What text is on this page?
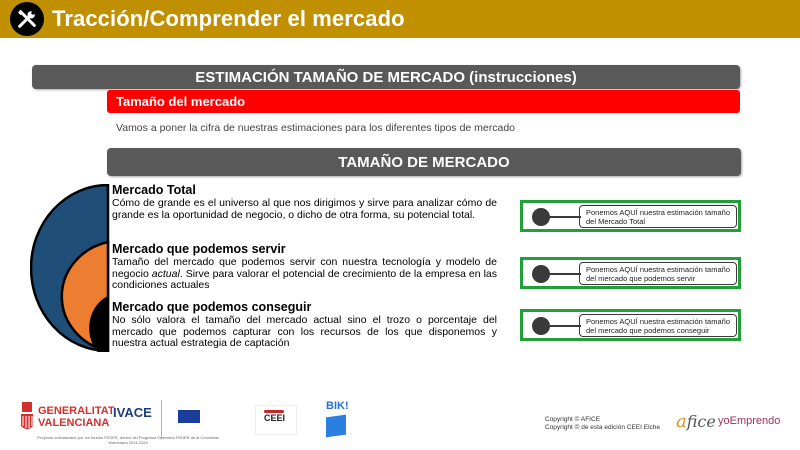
Tracción/Comprender el mercado
ESTIMACIÓN TAMAÑO DE MERCADO (instrucciones)
Tamaño del mercado
Vamos a poner la cifra de nuestras estimaciones para los diferentes tipos de mercado
TAMAÑO DE MERCADO
Mercado Total
Cómo de grande es el universo al que nos dirigimos y sirve para analizar cómo de grande es la oportunidad de negocio, o dicho de otra forma, su potencial total.
Mercado que podemos servir
Tamaño del mercado que podemos servir con nuestra tecnología y modelo de negocio actual. Sirve para valorar el potencial de crecimiento de la empresa en las condiciones actuales
Mercado que podemos conseguir
No sólo valora el tamaño del mercado actual sino el trozo o porcentaje del mercado que podemos capturar con los recursos de los que disponemos y nuestra actual estrategia de captación
Ponemos AQUÍ nuestra estimación tamaño del Mercado Total
Ponemos AQUÍ nuestra estimación tamaño del mercado que podemos servir
Ponemos AQUÍ nuestra estimación tamaño del mercado que podemos conseguir
GENERALITAT
VALENCIANA
IVACE

	CEEI
BIK!
Proyecto cofinanciado por los fondos FEDER, dentro del Programa Operativo FEDER de la Comunitat Valenciana 2014-2020
Copyright © AFICE
Copyright © de esta edición CEEI Elche afice yoEmprendo
